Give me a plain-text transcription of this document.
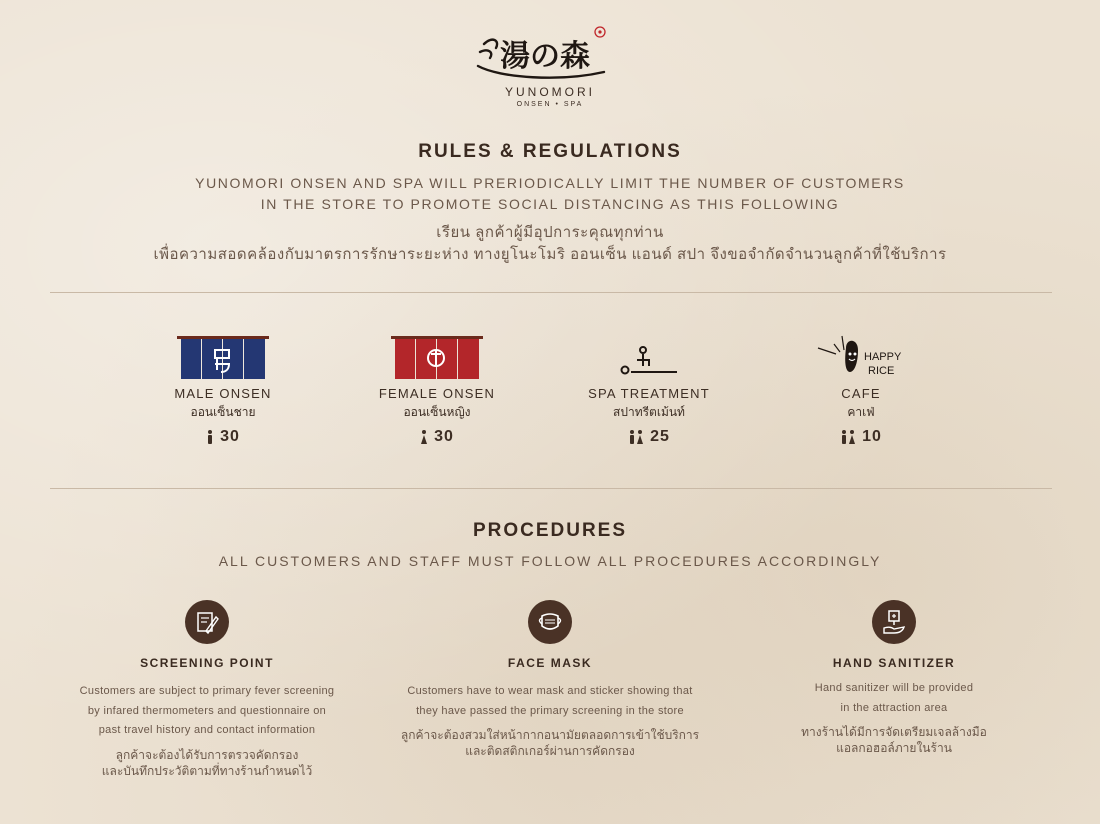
湯の森
YUNOMORI
ONSEN • SPA
RULES & REGULATIONS
YUNOMORI ONSEN AND SPA WILL PRERIODICALLY LIMIT THE NUMBER OF CUSTOMERS
IN THE STORE TO PROMOTE SOCIAL DISTANCING AS THIS FOLLOWING
เรียน ลูกค้าผู้มีอุปการะคุณทุกท่าน
เพื่อความสอดคล้องกับมาตรการรักษาระยะห่าง ทางยูโนะโมริ ออนเซ็น แอนด์ สปา จึงขอจำกัดจำนวนลูกค้าที่ใช้บริการ
MALE ONSEN
ออนเซ็นชาย
30
FEMALE ONSEN
ออนเซ็นหญิง
30
SPA TREATMENT
สปาทรีตเม้นท์
25
HAPPY
RICE
CAFE
คาเฟ่
10
PROCEDURES
ALL CUSTOMERS AND STAFF MUST FOLLOW ALL PROCEDURES ACCORDINGLY
SCREENING POINT
Customers are subject to primary fever screening
by infared thermometers and questionnaire on
past travel history and contact information
ลูกค้าจะต้องได้รับการตรวจคัดกรอง
และบันทึกประวัติตามที่ทางร้านกำหนดไว้
FACE MASK
Customers have to wear mask and sticker showing that
they have passed the primary screening in the store
ลูกค้าจะต้องสวมใส่หน้ากากอนามัยตลอดการเข้าใช้บริการ
และติดสติกเกอร์ผ่านการคัดกรอง
HAND SANITIZER
Hand sanitizer will be provided
in the attraction area
ทางร้านได้มีการจัดเตรียมเจลล้างมือ
แอลกอฮอล์ภายในร้าน
